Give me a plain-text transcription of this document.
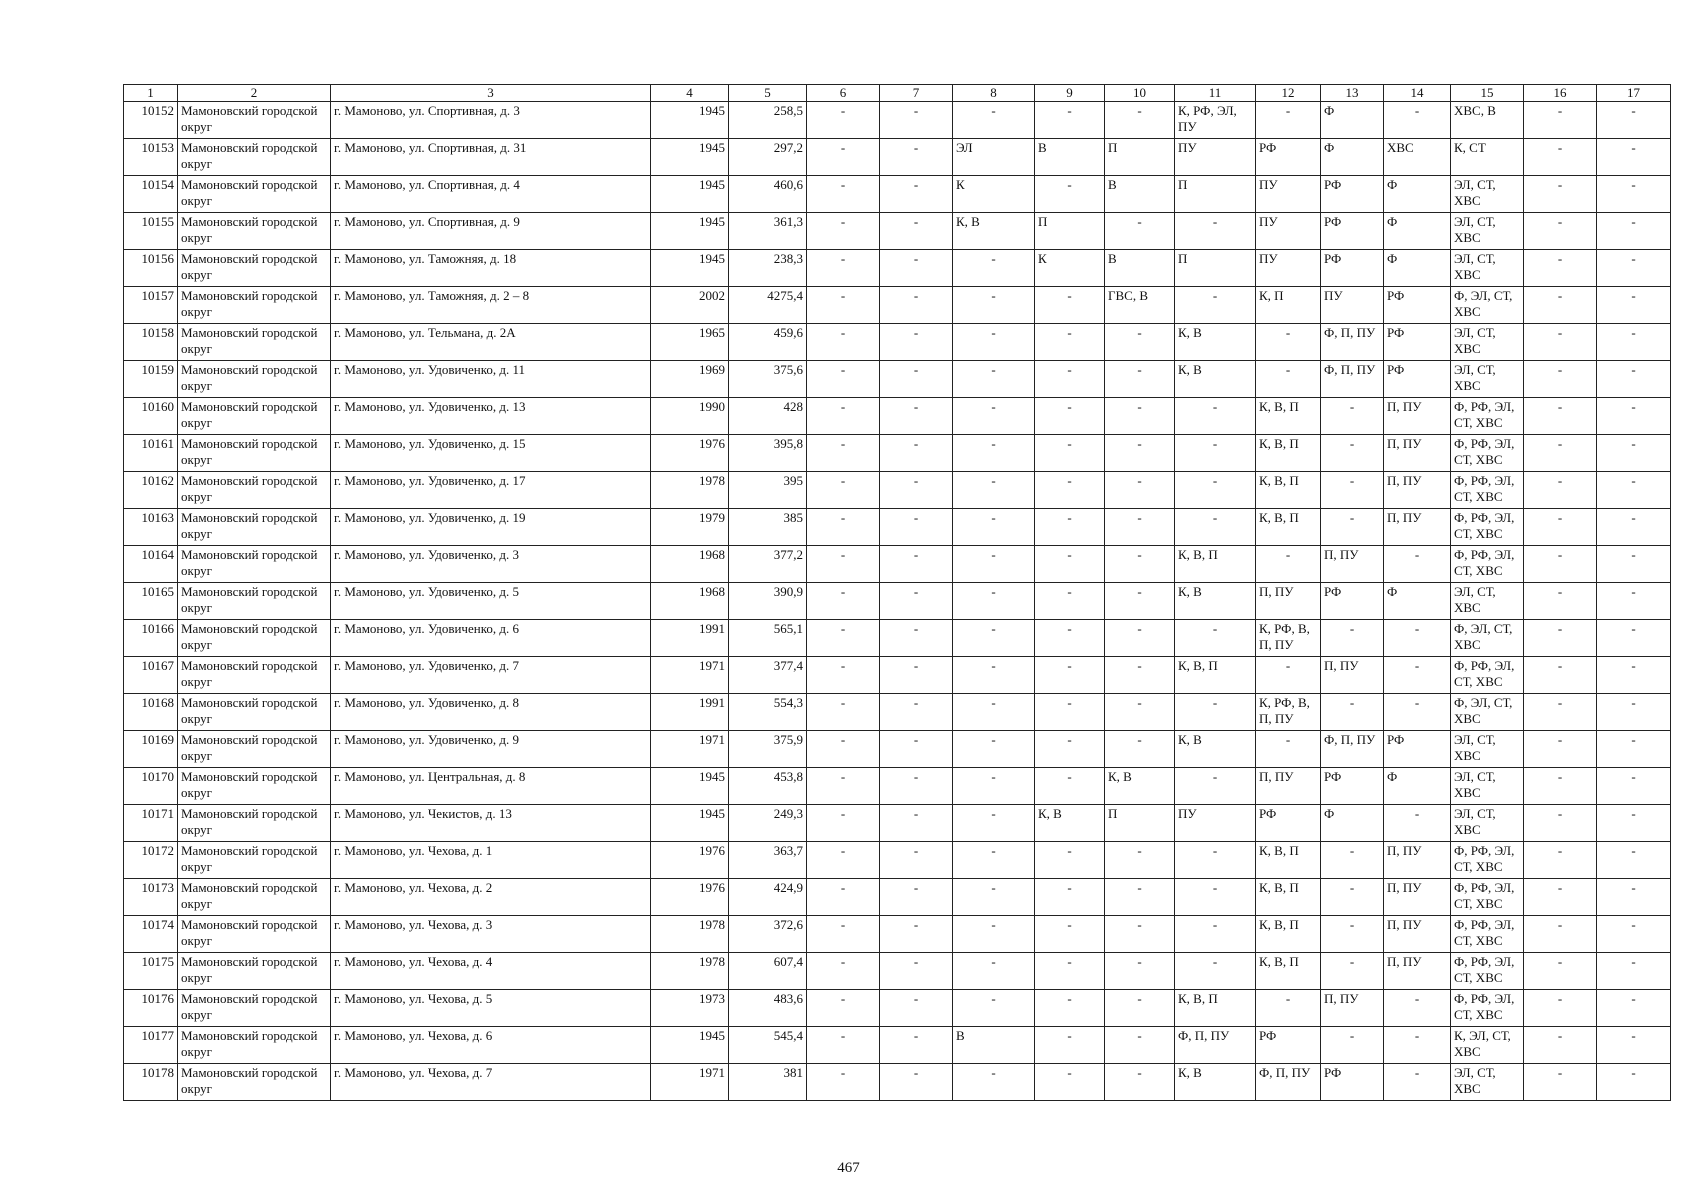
1	2	3	4	5	6	7	8	9	10	11	12	13	14	15	16	17
10152	Мамоновский городской округ	г. Мамоново, ул. Спортивная, д. 3	1945	258,5	-	-	-	-	-	К, РФ, ЭЛ, ПУ	-	Ф	-	ХВС, В	-	-
10153	Мамоновский городской округ	г. Мамоново, ул. Спортивная, д. 31	1945	297,2	-	-	ЭЛ	В	П	ПУ	РФ	Ф	ХВС	К, СТ	-	-
10154	Мамоновский городской округ	г. Мамоново, ул. Спортивная, д. 4	1945	460,6	-	-	К	-	В	П	ПУ	РФ	Ф	ЭЛ, СТ, ХВС	-	-
10155	Мамоновский городской округ	г. Мамоново, ул. Спортивная, д. 9	1945	361,3	-	-	К, В	П	-	-	ПУ	РФ	Ф	ЭЛ, СТ, ХВС	-	-
10156	Мамоновский городской округ	г. Мамоново, ул. Таможняя, д. 18	1945	238,3	-	-	-	К	В	П	ПУ	РФ	Ф	ЭЛ, СТ, ХВС	-	-
10157	Мамоновский городской округ	г. Мамоново, ул. Таможняя, д. 2 – 8	2002	4275,4	-	-	-	-	ГВС, В	-	К, П	ПУ	РФ	Ф, ЭЛ, СТ, ХВС	-	-
10158	Мамоновский городской округ	г. Мамоново, ул. Тельмана, д. 2А	1965	459,6	-	-	-	-	-	К, В	-	Ф, П, ПУ	РФ	ЭЛ, СТ, ХВС	-	-
10159	Мамоновский городской округ	г. Мамоново, ул. Удовиченко, д. 11	1969	375,6	-	-	-	-	-	К, В	-	Ф, П, ПУ	РФ	ЭЛ, СТ, ХВС	-	-
10160	Мамоновский городской округ	г. Мамоново, ул. Удовиченко, д. 13	1990	428	-	-	-	-	-	-	К, В, П	-	П, ПУ	Ф, РФ, ЭЛ, СТ, ХВС	-	-
10161	Мамоновский городской округ	г. Мамоново, ул. Удовиченко, д. 15	1976	395,8	-	-	-	-	-	-	К, В, П	-	П, ПУ	Ф, РФ, ЭЛ, СТ, ХВС	-	-
10162	Мамоновский городской округ	г. Мамоново, ул. Удовиченко, д. 17	1978	395	-	-	-	-	-	-	К, В, П	-	П, ПУ	Ф, РФ, ЭЛ, СТ, ХВС	-	-
10163	Мамоновский городской округ	г. Мамоново, ул. Удовиченко, д. 19	1979	385	-	-	-	-	-	-	К, В, П	-	П, ПУ	Ф, РФ, ЭЛ, СТ, ХВС	-	-
10164	Мамоновский городской округ	г. Мамоново, ул. Удовиченко, д. 3	1968	377,2	-	-	-	-	-	К, В, П	-	П, ПУ	-	Ф, РФ, ЭЛ, СТ, ХВС	-	-
10165	Мамоновский городской округ	г. Мамоново, ул. Удовиченко, д. 5	1968	390,9	-	-	-	-	-	К, В	П, ПУ	РФ	Ф	ЭЛ, СТ, ХВС	-	-
10166	Мамоновский городской округ	г. Мамоново, ул. Удовиченко, д. 6	1991	565,1	-	-	-	-	-	-	К, РФ, В, П, ПУ	-	-	Ф, ЭЛ, СТ, ХВС	-	-
10167	Мамоновский городской округ	г. Мамоново, ул. Удовиченко, д. 7	1971	377,4	-	-	-	-	-	К, В, П	-	П, ПУ	-	Ф, РФ, ЭЛ, СТ, ХВС	-	-
10168	Мамоновский городской округ	г. Мамоново, ул. Удовиченко, д. 8	1991	554,3	-	-	-	-	-	-	К, РФ, В, П, ПУ	-	-	Ф, ЭЛ, СТ, ХВС	-	-
10169	Мамоновский городской округ	г. Мамоново, ул. Удовиченко, д. 9	1971	375,9	-	-	-	-	-	К, В	-	Ф, П, ПУ	РФ	ЭЛ, СТ, ХВС	-	-
10170	Мамоновский городской округ	г. Мамоново, ул. Центральная, д. 8	1945	453,8	-	-	-	-	К, В	-	П, ПУ	РФ	Ф	ЭЛ, СТ, ХВС	-	-
10171	Мамоновский городской округ	г. Мамоново, ул. Чекистов, д. 13	1945	249,3	-	-	-	К, В	П	ПУ	РФ	Ф	-	ЭЛ, СТ, ХВС	-	-
10172	Мамоновский городской округ	г. Мамоново, ул. Чехова, д. 1	1976	363,7	-	-	-	-	-	-	К, В, П	-	П, ПУ	Ф, РФ, ЭЛ, СТ, ХВС	-	-
10173	Мамоновский городской округ	г. Мамоново, ул. Чехова, д. 2	1976	424,9	-	-	-	-	-	-	К, В, П	-	П, ПУ	Ф, РФ, ЭЛ, СТ, ХВС	-	-
10174	Мамоновский городской округ	г. Мамоново, ул. Чехова, д. 3	1978	372,6	-	-	-	-	-	-	К, В, П	-	П, ПУ	Ф, РФ, ЭЛ, СТ, ХВС	-	-
10175	Мамоновский городской округ	г. Мамоново, ул. Чехова, д. 4	1978	607,4	-	-	-	-	-	-	К, В, П	-	П, ПУ	Ф, РФ, ЭЛ, СТ, ХВС	-	-
10176	Мамоновский городской округ	г. Мамоново, ул. Чехова, д. 5	1973	483,6	-	-	-	-	-	К, В, П	-	П, ПУ	-	Ф, РФ, ЭЛ, СТ, ХВС	-	-
10177	Мамоновский городской округ	г. Мамоново, ул. Чехова, д. 6	1945	545,4	-	-	В	-	-	Ф, П, ПУ	РФ	-	-	К, ЭЛ, СТ, ХВС	-	-
10178	Мамоновский городской округ	г. Мамоново, ул. Чехова, д. 7	1971	381	-	-	-	-	-	К, В	Ф, П, ПУ	РФ	-	ЭЛ, СТ, ХВС	-	-
467
